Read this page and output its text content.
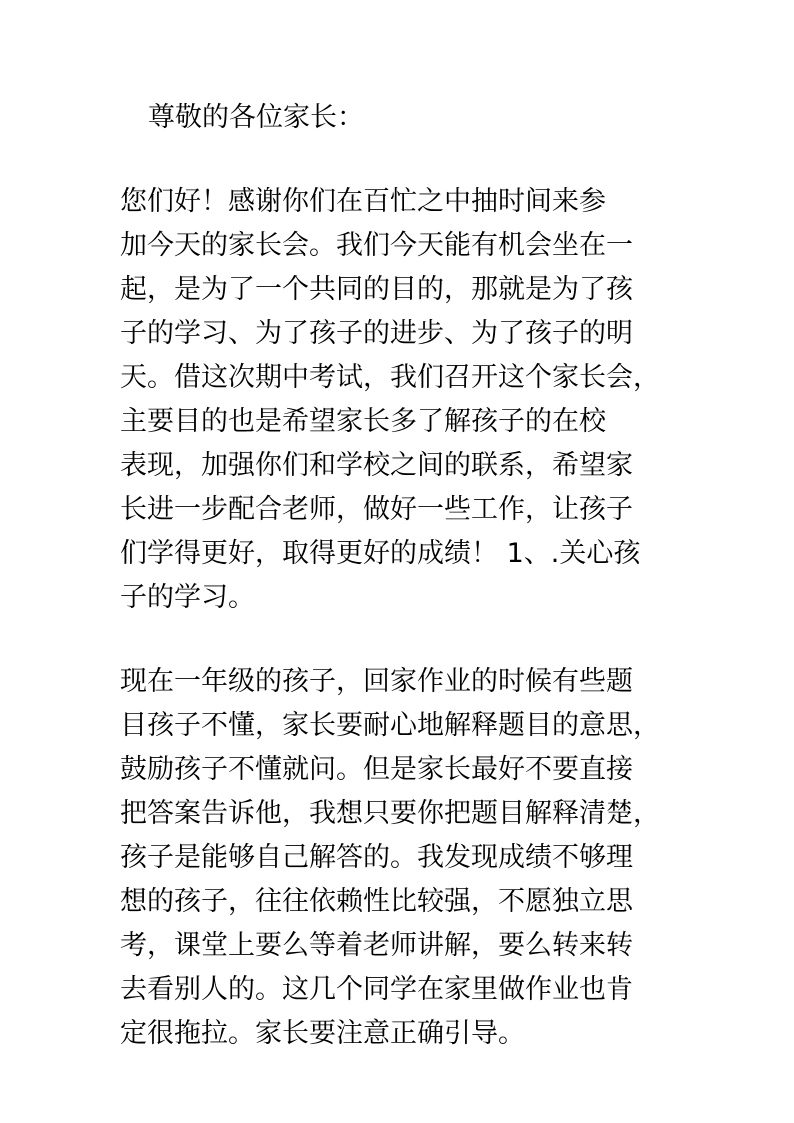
尊敬的各位家长：
您们好！感谢你们在百忙之中抽时间来参
加今天的家长会。我们今天能有机会坐在一
起，是为了一个共同的目的，那就是为了孩
子的学习、为了孩子的进步、为了孩子的明
天。借这次期中考试，我们召开这个家长会，
主要目的也是希望家长多了解孩子的在校
表现，加强你们和学校之间的联系，希望家
长进一步配合老师，做好一些工作，让孩子
们学得更好，取得更好的成绩！ 1、.关心孩
子的学习。
现在一年级的孩子，回家作业的时候有些题
目孩子不懂，家长要耐心地解释题目的意思，
鼓励孩子不懂就问。但是家长最好不要直接
把答案告诉他，我想只要你把题目解释清楚，
孩子是能够自己解答的。我发现成绩不够理
想的孩子，往往依赖性比较强，不愿独立思
考，课堂上要么等着老师讲解，要么转来转
去看别人的。这几个同学在家里做作业也肯
定很拖拉。家长要注意正确引导。
